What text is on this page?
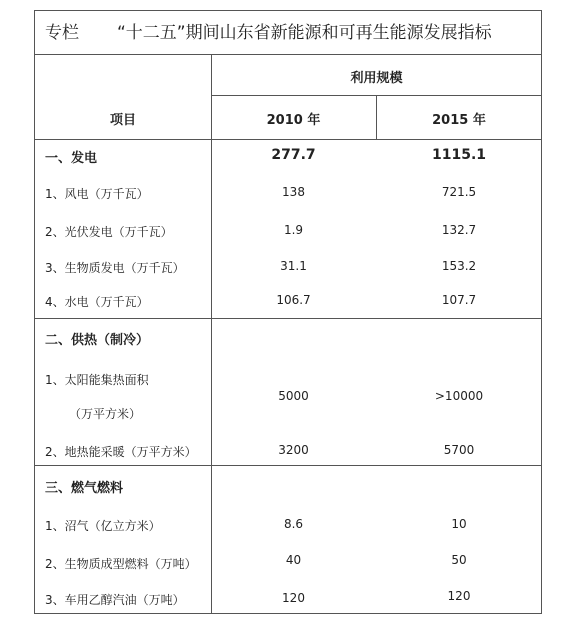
专栏 “十二五”期间山东省新能源和可再生能源发展指标
项目
利用规模
2010 年	2015 年
一、发电	277.7	1115.1
1、风电（万千瓦）	138	721.5
2、光伏发电（万千瓦）	1.9	132.7
3、生物质发电（万千瓦）	31.1	153.2
4、水电（万千瓦）	106.7	107.7
二、供热（制冷）
1、太阳能集热面积
（万平方米）
5000	>10000
2、地热能采暖（万平方米）	3200	5700
三、燃气燃料
1、沼气（亿立方米）	8.6	10
2、生物质成型燃料（万吨）	40	50
3、车用乙醇汽油（万吨）	120	120
